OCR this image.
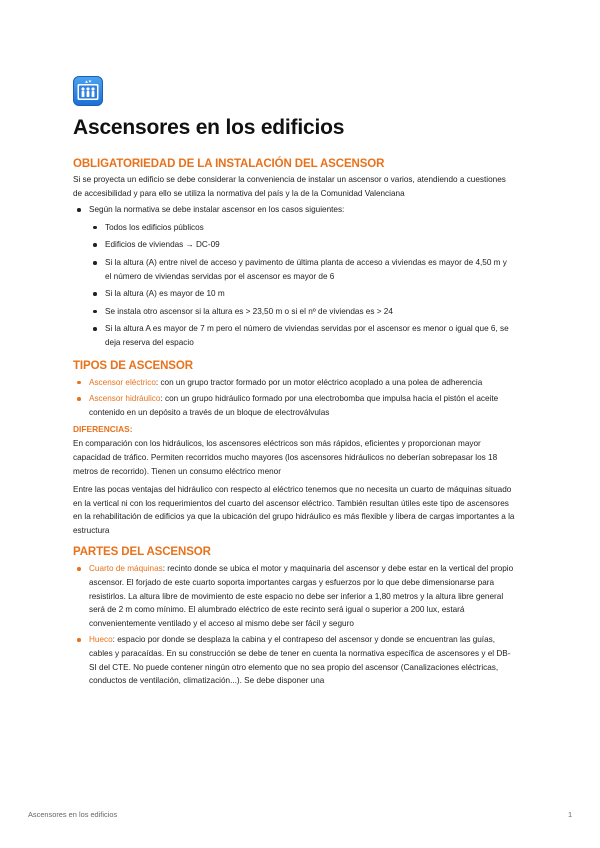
Ascensores en los edificios
OBLIGATORIEDAD DE LA INSTALACIÓN DEL ASCENSOR

Si se proyecta un edificio se debe considerar la conveniencia de instalar un ascensor o varios, atendiendo a cuestiones de accesibilidad y para ello se utiliza la normativa del país y la de la Comunidad Valenciana

Según la normativa se debe instalar ascensor en los casos siguientes:
Todos los edificios públicos
Edificios de viviendas → DC-09
Si la altura (A) entre nivel de acceso y pavimento de última planta de acceso a viviendas es mayor de 4,50 m y el número de viviendas servidas por el ascensor es mayor de 6
Si la altura (A) es mayor de 10 m
Se instala otro ascensor si la altura es > 23,50 m o si el nº de viviendas es > 24
Si la altura A es mayor de 7 m pero el número de viviendas servidas por el ascensor es menor o igual que 6, se deja reserva del espacio
TIPOS DE ASCENSOR
Ascensor eléctrico: con un grupo tractor formado por un motor eléctrico acoplado a una polea de adherencia
Ascensor hidráulico: con un grupo hidráulico formado por una electrobomba que impulsa hacia el pistón el aceite contenido en un depósito a través de un bloque de electroválvulas
DIFERENCIAS:

En comparación con los hidráulicos, los ascensores eléctricos son más rápidos, eficientes y proporcionan mayor capacidad de tráfico. Permiten recorridos mucho mayores (los ascensores hidráulicos no deberían sobrepasar los 18 metros de recorrido). Tienen un consumo eléctrico menor

Entre las pocas ventajas del hidráulico con respecto al eléctrico tenemos que no necesita un cuarto de máquinas situado en la vertical ni con los requerimientos del cuarto del ascensor eléctrico. También resultan útiles este tipo de ascensores en la rehabilitación de edificios ya que la ubicación del grupo hidráulico es más flexible y libera de cargas importantes a la estructura

PARTES DEL ASCENSOR
Cuarto de máquinas: recinto donde se ubica el motor y maquinaria del ascensor y debe estar en la vertical del propio ascensor. El forjado de este cuarto soporta importantes cargas y esfuerzos por lo que debe dimensionarse para resistirlos. La altura libre de movimiento de este espacio no debe ser inferior a 1,80 metros y la altura libre general será de 2 m como mínimo. El alumbrado eléctrico de este recinto será igual o superior a 200 lux, estará convenientemente ventilado y el acceso al mismo debe ser fácil y seguro
Hueco: espacio por donde se desplaza la cabina y el contrapeso del ascensor y donde se encuentran las guías, cables y paracaídas. En su construcción se debe de tener en cuenta la normativa específica de ascensores y el DB-SI del CTE. No puede contener ningún otro elemento que no sea propio del ascensor (Canalizaciones eléctricas, conductos de ventilación, climatización...). Se debe disponer una
Ascensores en los edificios	1
